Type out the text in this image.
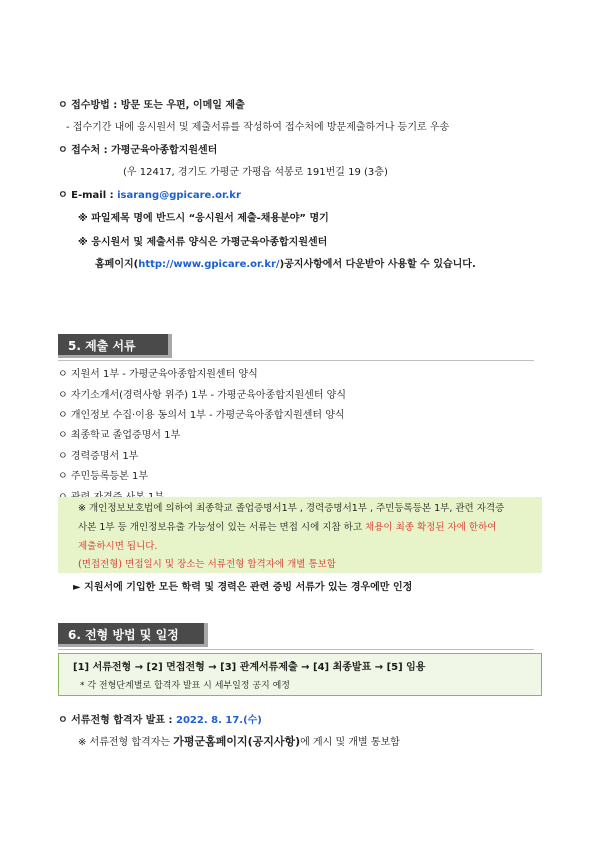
ㅇ 접수방법 : 방문 또는 우편, 이메일 제출
- 접수기간 내에 응시원서 및 제출서류를 작성하여 접수처에 방문제출하거나 등기로 우송
ㅇ 접수처 : 가평군육아종합지원센터
(우 12417, 경기도 가평군 가평읍 석봉로 191번길 19 (3층)
ㅇ E-mail : isarang@gpicare.or.kr
※ 파일제목 명에 반드시 “응시원서 제출-채용분야” 명기
※ 응시원서 및 제출서류 양식은 가평군육아종합지원센터
홈페이지(http://www.gpicare.or.kr/)공지사항에서 다운받아 사용할 수 있습니다.
5. 제출 서류
ㅇ 지원서 1부 - 가평군육아종합지원센터 양식
ㅇ 자기소개서(경력사항 위주) 1부 - 가평군육아종합지원센터 양식
ㅇ 개인정보 수집·이용 동의서 1부 - 가평군육아종합지원센터 양식
ㅇ 최종학교 졸업증명서 1부
ㅇ 경력증명서 1부
ㅇ 주민등록등본 1부
※ 개인정보보호법에 의하여 최종학교 졸업증명서1부 , 경력증명서1부 , 주민등록등본 1부, 관련 자격증
사본 1부 등 개인정보유출 가능성이 있는 서류는 면접 시에 지참 하고 채용이 최종 확정된 자에 한하여
제출하시면 됩니다.
(면접전형) 면접일시 및 장소는 서류전형 합격자에 개별 통보함
► 지원서에 기입한 모든 학력 및 경력은 관련 증빙 서류가 있는 경우에만 인정
6. 전형 방법 및 일정
[1] 서류전형 → [2] 면접전형 → [3] 관계서류제출 → [4] 최종발표 → [5] 임용
* 각 전형단계별로 합격자 발표 시 세부일정 공지 예정
ㅇ 서류전형 합격자 발표 : 2022. 8. 17.(수)
※ 서류전형 합격자는 가평군홈페이지(공지사항)에 게시 및 개별 통보함
